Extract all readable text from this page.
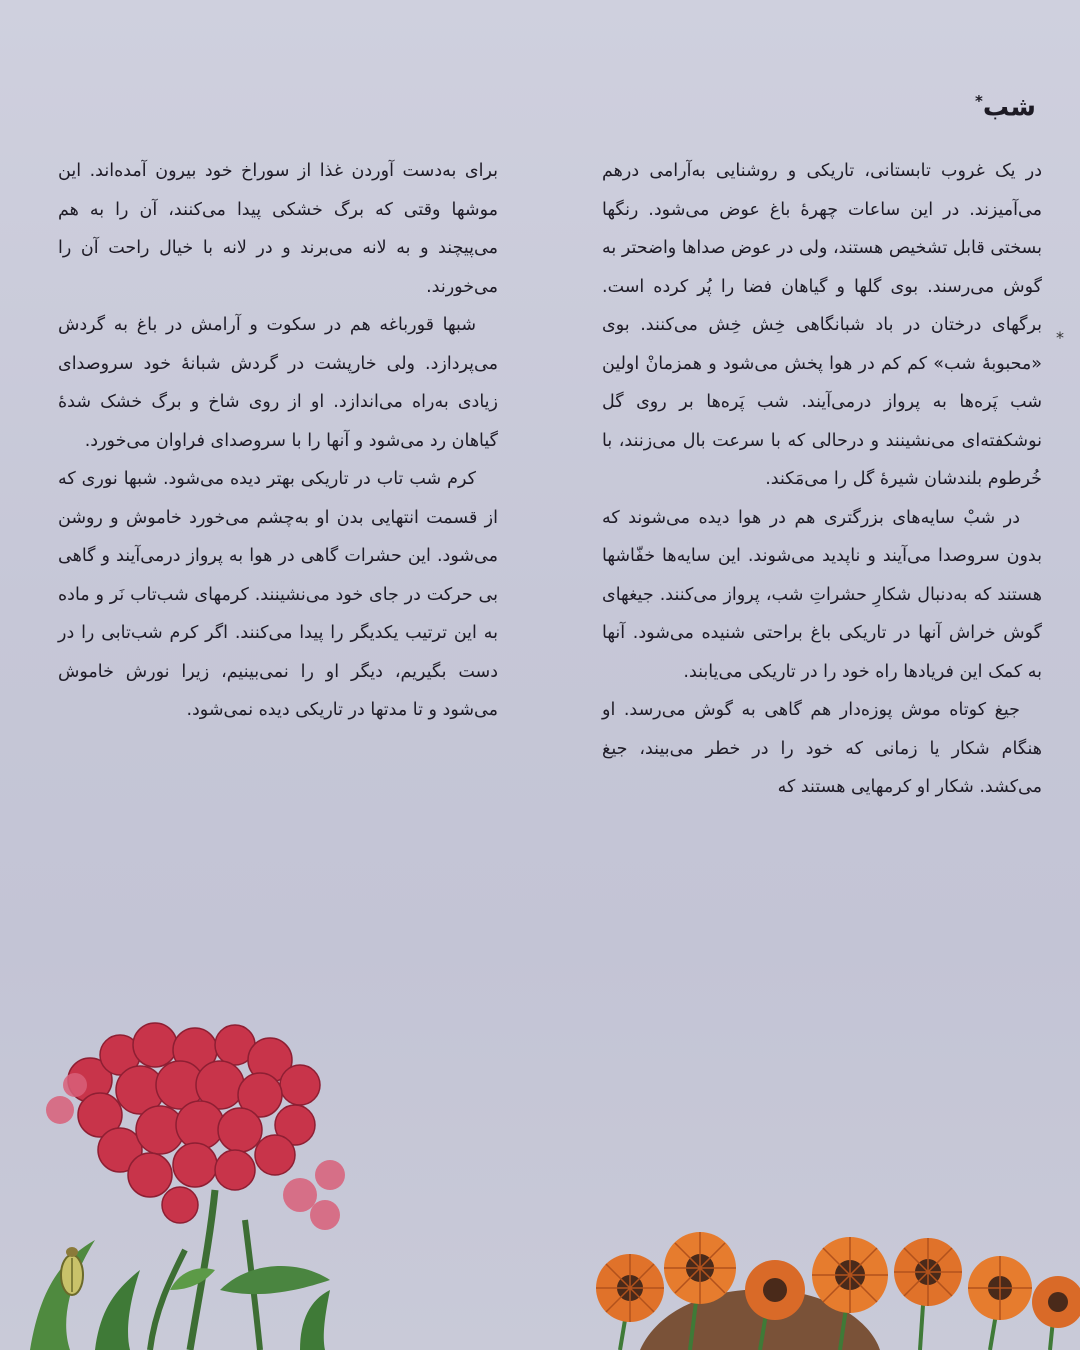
شب*
*

در یک غروب تابستانی، تاریکی و روشنایی به‌آرامی درهم می‌آمیزند. در این ساعات چهرهٔ باغ عوض می‌شود. رنگها بسختی قابل تشخیص هستند، ولی در عوض صداها واضحتر به گوش می‌رسند. بوی گلها و گیاهان فضا را پُر کرده است. برگهای درختان در باد شبانگاهی خِش خِش می‌کنند. بوی «محبوبهٔ شب» کم کم در هوا پخش می‌شود و همزمانْ اولین شب پَره‌ها به پرواز درمی‌آیند. شب پَره‌ها بر روی گل نوشکفته‌ای می‌نشینند و درحالی که با سرعت بال می‌زنند، با خُرطوم بلندشان شیرهٔ گل را می‌مَکند.

در شبْ سایه‌های بزرگتری هم در هوا دیده می‌شوند که بدون سروصدا می‌آیند و ناپدید می‌شوند. این سایه‌ها خفّاشها هستند که به‌دنبال شکارِ حشراتِ شب، پرواز می‌کنند. جیغهای گوش خراش آنها در تاریکی باغ براحتی شنیده می‌شود. آنها به کمک این فریادها راه خود را در تاریکی می‌یابند.

جیغ کوتاه موش پوزه‌دار هم گاهی به گوش می‌رسد. او هنگام شکار یا زمانی که خود را در خطر می‌بیند، جیغ می‌کشد. شکار او کرمهایی هستند که

برای به‌دست آوردن غذا از سوراخ خود بیرون آمده‌اند. این موشها وقتی که برگ خشکی پیدا می‌کنند، آن را به هم می‌پیچند و به لانه می‌برند و در لانه با خیال راحت آن را می‌خورند.

شبها قورباغه هم در سکوت و آرامش در باغ به گردش می‌پردازد. ولی خارپشت در گردش شبانهٔ خود سروصدای زیادی به‌راه می‌اندازد. او از روی شاخ و برگ خشک شدهٔ گیاهان رد می‌شود و آنها را با سروصدای فراوان می‌خورد.

کرم شب تاب در تاریکی بهتر دیده می‌شود. شبها نوری که از قسمت انتهایی بدن او به‌چشم می‌خورد خاموش و روشن می‌شود. این حشرات گاهی در هوا به پرواز درمی‌آیند و گاهی بی حرکت در جای خود می‌نشینند. کرمهای شب‌تاب نَر و ماده به این ترتیب یکدیگر را پیدا می‌کنند. اگر کرم شب‌تابی را در دست بگیریم، دیگر او را نمی‌بینیم، زیرا نورش خاموش می‌شود و تا مدتها در تاریکی دیده نمی‌شود.
